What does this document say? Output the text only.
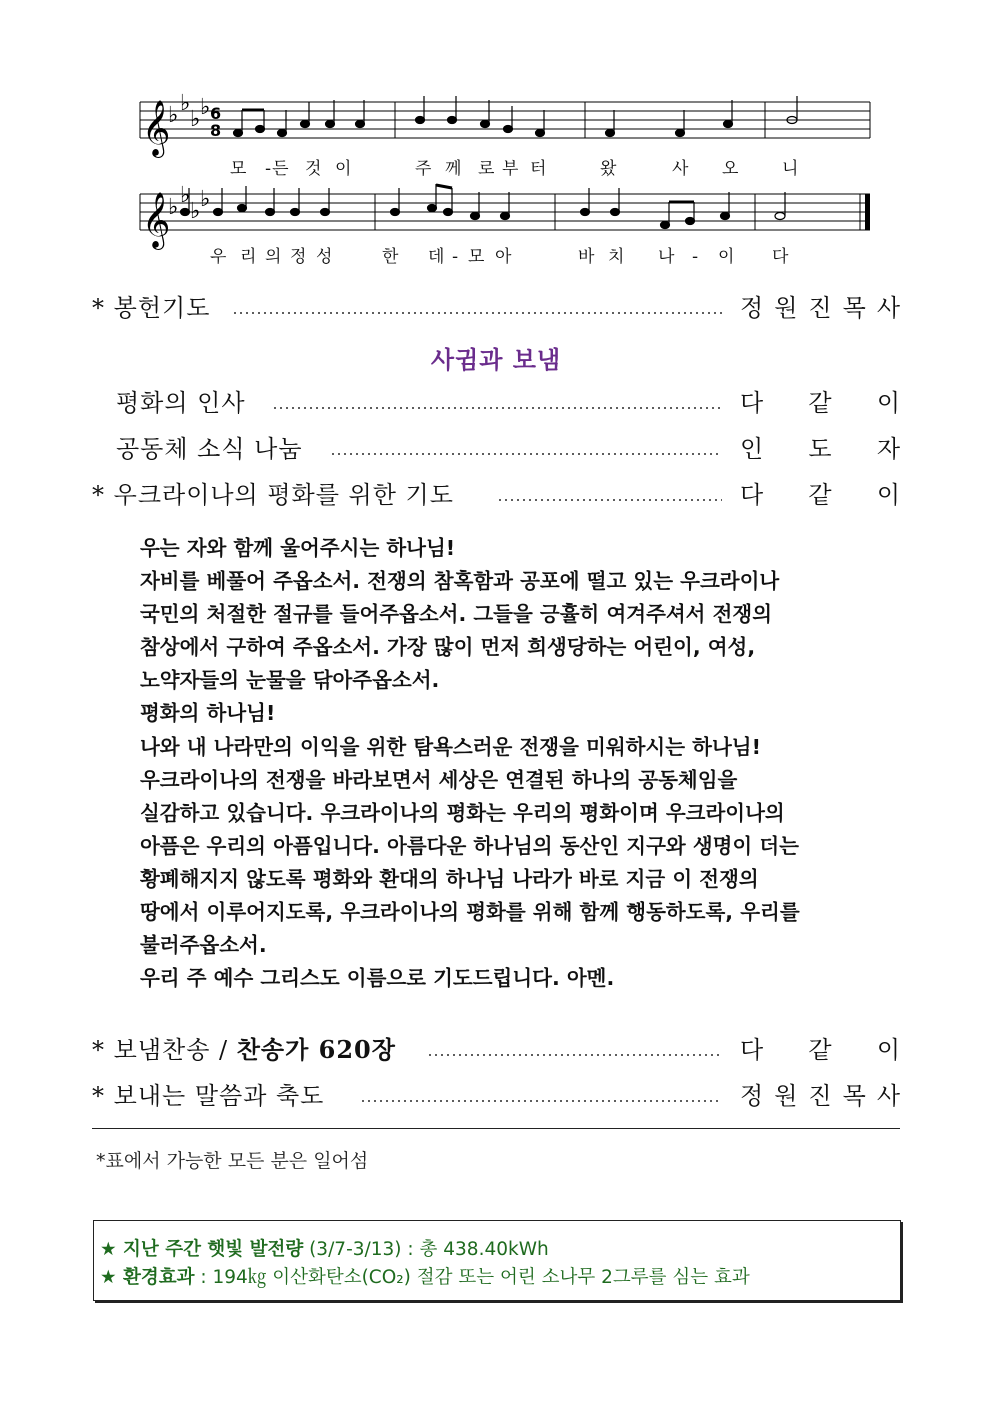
𝄞
𝄞
♭ ♭
♭ ♭
♭ ♭
♭ ♭
6
8
모 -든 것 이	주 께 로 부 터	왔	사 오	니
우 리 의 정 성	한 데 - 모 아	바 치 나 - 이 다
* 봉헌기도	정 원 진 목 사
사귐과 보냄
평화의 인사	다 같 이
공동체 소식 나눔	인 도 자
* 우크라이나의 평화를 위한 기도	다 같 이
우는 자와 함께 울어주시는 하나님!
자비를 베풀어 주옵소서. 전쟁의 참혹함과 공포에 떨고 있는 우크라이나
국민의 처절한 절규를 들어주옵소서. 그들을 긍휼히 여겨주셔서 전쟁의
참상에서 구하여 주옵소서. 가장 많이 먼저 희생당하는 어린이, 여성,
노약자들의 눈물을 닦아주옵소서.
평화의 하나님!
나와 내 나라만의 이익을 위한 탐욕스러운 전쟁을 미워하시는 하나님!
우크라이나의 전쟁을 바라보면서 세상은 연결된 하나의 공동체임을
실감하고 있습니다. 우크라이나의 평화는 우리의 평화이며 우크라이나의
아픔은 우리의 아픔입니다. 아름다운 하나님의 동산인 지구와 생명이 더는
황폐해지지 않도록 평화와 환대의 하나님 나라가 바로 지금 이 전쟁의
땅에서 이루어지도록, 우크라이나의 평화를 위해 함께 행동하도록, 우리를
불러주옵소서.
우리 주 예수 그리스도 이름으로 기도드립니다. 아멘.
* 보냄찬송 / 찬송가 620장	다 같 이
* 보내는 말씀과 축도	정 원 진 목 사
*표에서 가능한 모든 분은 일어섬
★ 지난 주간 햇빛 발전량 (3/7-3/13) : 총 438.40kWh
★ 환경효과 : 194㎏ 이산화탄소(CO₂) 절감 또는 어린 소나무 2그루를 심는 효과
